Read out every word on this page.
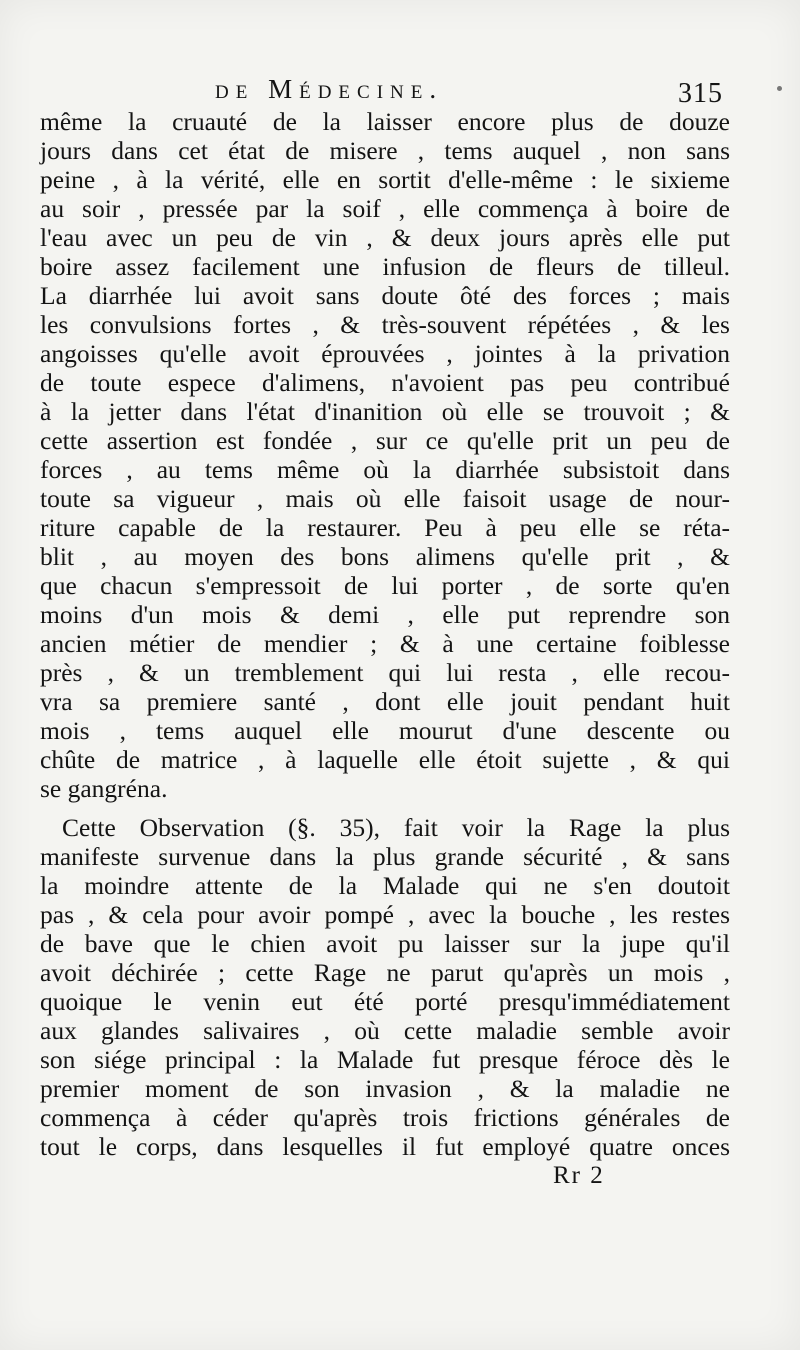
de Médecine.	315
même la cruauté de la laisser encore plus de douze
jours dans cet état de misere , tems auquel , non sans
peine , à la vérité, elle en sortit d'elle-même : le sixieme
au soir , pressée par la soif , elle commença à boire de
l'eau avec un peu de vin , & deux jours après elle put
boire assez facilement une infusion de fleurs de tilleul.
La diarrhée lui avoit sans doute ôté des forces ; mais
les convulsions fortes , & très-souvent répétées , & les
angoisses qu'elle avoit éprouvées , jointes à la privation
de toute espece d'alimens, n'avoient pas peu contribué
à la jetter dans l'état d'inanition où elle se trouvoit ; &
cette assertion est fondée , sur ce qu'elle prit un peu de
forces , au tems même où la diarrhée subsistoit dans
toute sa vigueur , mais où elle faisoit usage de nour-
riture capable de la restaurer. Peu à peu elle se réta-
blit , au moyen des bons alimens qu'elle prit , &
que chacun s'empressoit de lui porter , de sorte qu'en
moins d'un mois & demi , elle put reprendre son
ancien métier de mendier ; & à une certaine foiblesse
près , & un tremblement qui lui resta , elle recou-
vra sa premiere santé , dont elle jouit pendant huit
mois , tems auquel elle mourut d'une descente ou
chûte de matrice , à laquelle elle étoit sujette , & qui
se gangréna.
Cette Observation (§. 35), fait voir la Rage la plus
manifeste survenue dans la plus grande sécurité , & sans
la moindre attente de la Malade qui ne s'en doutoit
pas , & cela pour avoir pompé , avec la bouche , les restes
de bave que le chien avoit pu laisser sur la jupe qu'il
avoit déchirée ; cette Rage ne parut qu'après un mois ,
quoique le venin eut été porté presqu'immédiatement
aux glandes salivaires , où cette maladie semble avoir
son siége principal : la Malade fut presque féroce dès le
premier moment de son invasion , & la maladie ne
commença à céder qu'après trois frictions générales de
tout le corps, dans lesquelles il fut employé quatre onces
Rr 2
